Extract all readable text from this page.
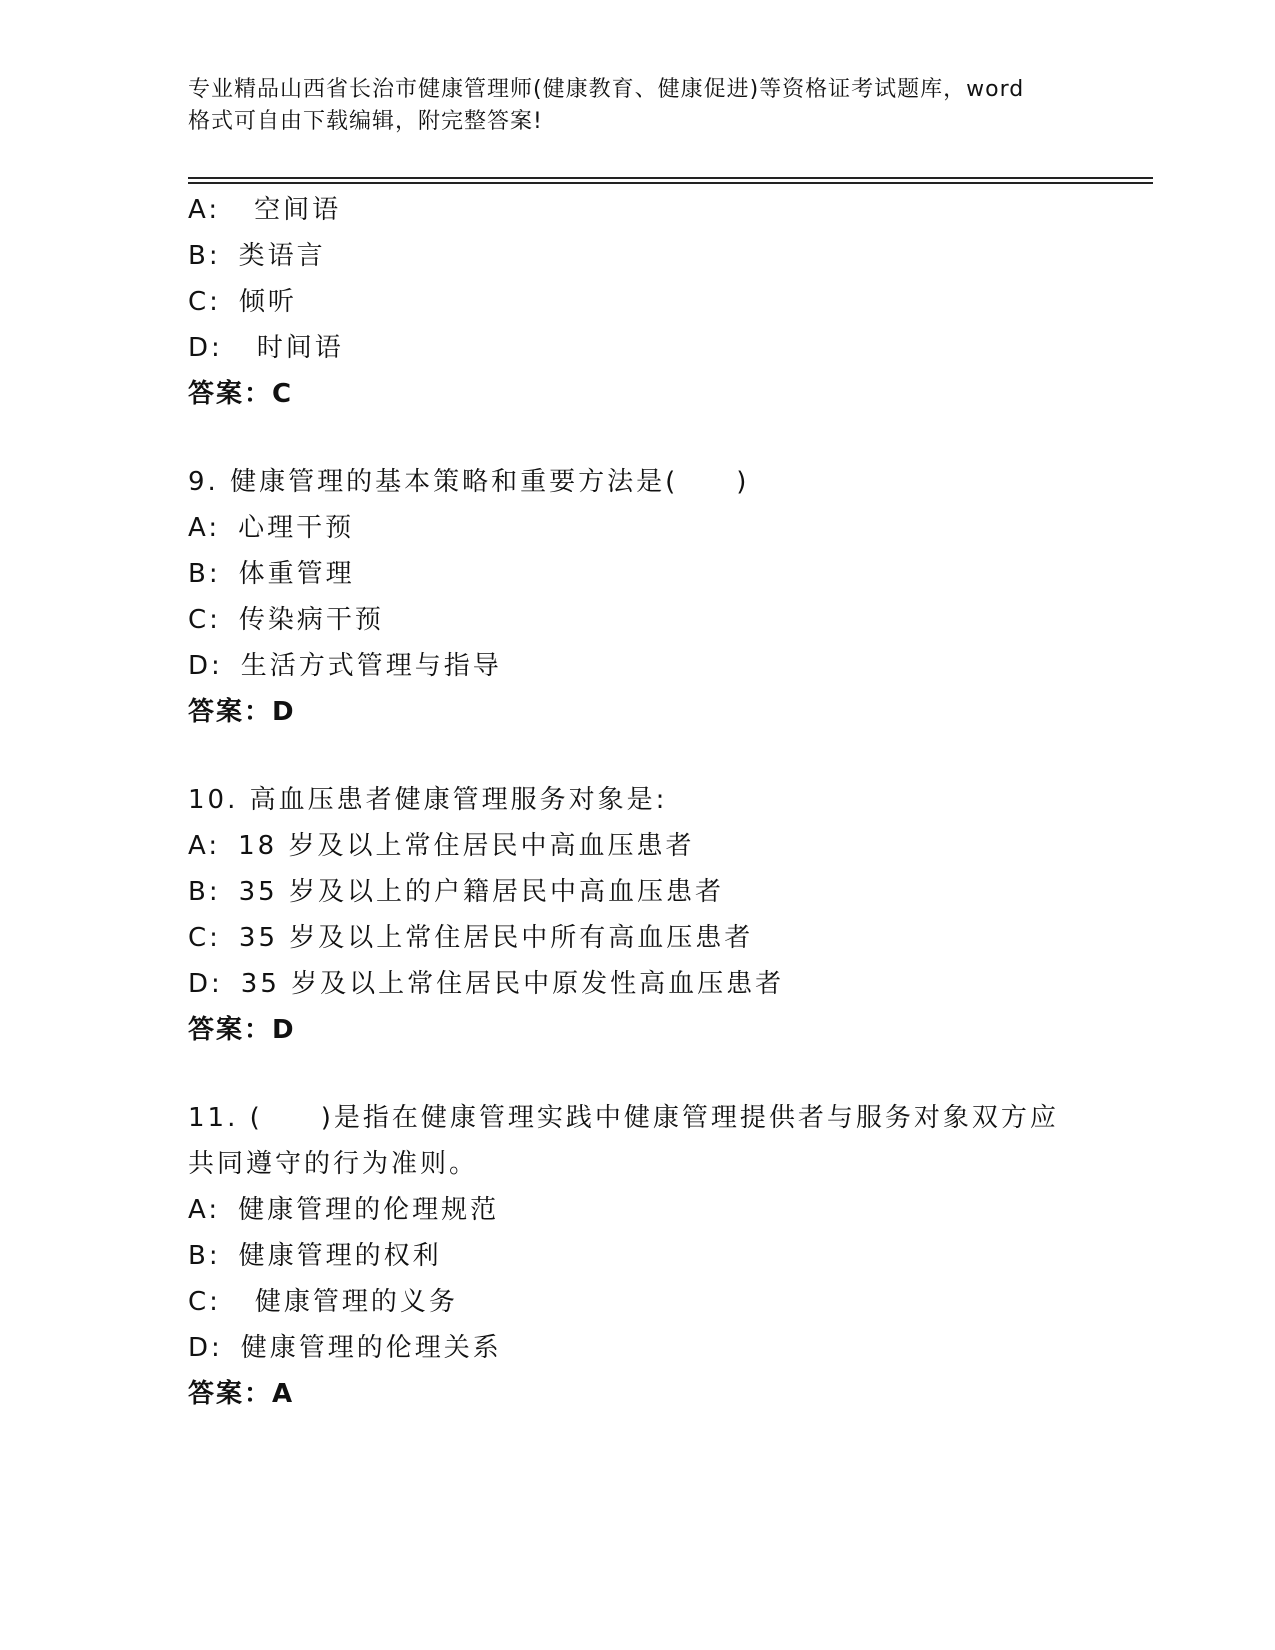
专业精品山西省长治市健康管理师(健康教育、健康促进)等资格证考试题库，word
格式可自由下载编辑，附完整答案!
A: 空间语
B: 类语言
C: 倾听
D: 时间语
答案：C
9. 健康管理的基本策略和重要方法是(　　)
A: 心理干预
B: 体重管理
C: 传染病干预
D: 生活方式管理与指导
答案：D
10. 高血压患者健康管理服务对象是:
A: 18 岁及以上常住居民中高血压患者
B: 35 岁及以上的户籍居民中高血压患者
C: 35 岁及以上常住居民中所有高血压患者
D: 35 岁及以上常住居民中原发性高血压患者
答案：D
11. (　　)是指在健康管理实践中健康管理提供者与服务对象双方应
共同遵守的行为准则。
A: 健康管理的伦理规范
B: 健康管理的权利
C: 健康管理的义务
D: 健康管理的伦理关系
答案：A
